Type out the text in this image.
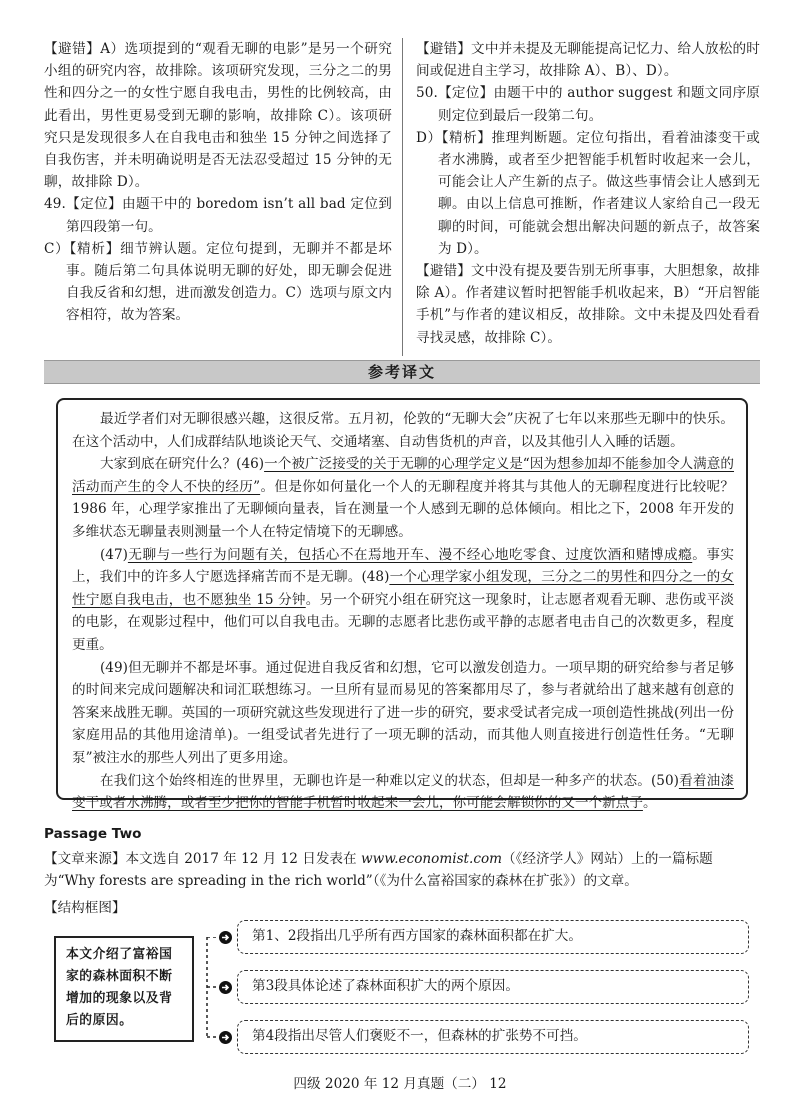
【避错】A）选项提到的“观看无聊的电影”是另一个研究小组的研究内容，故排除。该项研究发现，三分之二的男性和四分之一的女性宁愿自我电击，男性的比例较高，由此看出，男性更易受到无聊的影响，故排除 C）。该项研究只是发现很多人在自我电击和独坐 15 分钟之间选择了自我伤害，并未明确说明是否无法忍受超过 15 分钟的无聊，故排除 D）。

49.【定位】由题干中的 boredom isn’t all bad 定位到第四段第一句。

C）【精析】细节辨认题。定位句提到，无聊并不都是坏事。随后第二句具体说明无聊的好处，即无聊会促进自我反省和幻想，进而激发创造力。C）选项与原文内容相符，故为答案。

【避错】文中并未提及无聊能提高记忆力、给人放松的时间或促进自主学习，故排除 A）、B）、D）。

50.【定位】由题干中的 author suggest 和题文同序原则定位到最后一段第二句。

D）【精析】推理判断题。定位句指出，看着油漆变干或者水沸腾，或者至少把智能手机暂时收起来一会儿，可能会让人产生新的点子。做这些事情会让人感到无聊。由以上信息可推断，作者建议人家给自己一段无聊的时间，可能就会想出解决问题的新点子，故答案为 D）。

【避错】文中没有提及要告别无所事事，大胆想象，故排除 A）。作者建议暂时把智能手机收起来，B）“开启智能手机”与作者的建议相反，故排除。文中未提及四处看看寻找灵感，故排除 C）。

参考译文

最近学者们对无聊很感兴趣，这很反常。五月初，伦敦的“无聊大会”庆祝了七年以来那些无聊中的快乐。在这个活动中，人们成群结队地谈论天气、交通堵塞、自动售货机的声音，以及其他引人入睡的话题。

大家到底在研究什么？(46)一个被广泛接受的关于无聊的心理学定义是“因为想参加却不能参加令人满意的活动而产生的令人不快的经历”。但是你如何量化一个人的无聊程度并将其与其他人的无聊程度进行比较呢？1986 年，心理学家推出了无聊倾向量表，旨在测量一个人感到无聊的总体倾向。相比之下，2008 年开发的多维状态无聊量表则测量一个人在特定情境下的无聊感。

(47)无聊与一些行为问题有关，包括心不在焉地开车、漫不经心地吃零食、过度饮酒和赌博成瘾。事实上，我们中的许多人宁愿选择痛苦而不是无聊。(48)一个心理学家小组发现，三分之二的男性和四分之一的女性宁愿自我电击，也不愿独坐 15 分钟。另一个研究小组在研究这一现象时，让志愿者观看无聊、悲伤或平淡的电影，在观影过程中，他们可以自我电击。无聊的志愿者比悲伤或平静的志愿者电击自己的次数更多，程度更重。

(49)但无聊并不都是坏事。通过促进自我反省和幻想，它可以激发创造力。一项早期的研究给参与者足够的时间来完成问题解决和词汇联想练习。一旦所有显而易见的答案都用尽了，参与者就给出了越来越有创意的答案来战胜无聊。英国的一项研究就这些发现进行了进一步的研究，要求受试者完成一项创造性挑战(列出一份家庭用品的其他用途清单)。一组受试者先进行了一项无聊的活动，而其他人则直接进行创造性任务。“无聊泵”被注水的那些人列出了更多用途。

在我们这个始终相连的世界里，无聊也许是一种难以定义的状态，但却是一种多产的状态。(50)看着油漆变干或者水沸腾，或者至少把你的智能手机暂时收起来一会儿，你可能会解锁你的又一个新点子。

Passage Two

【文章来源】本文选自 2017 年 12 月 12 日发表在 www.economist.com（《经济学人》网站）上的一篇标题为“Why forests are spreading in the rich world”（《为什么富裕国家的森林在扩张》）的文章。

【结构框图】
本文介绍了富裕国家的森林面积不断增加的现象以及背后的原因。
第1、2段指出几乎所有西方国家的森林面积都在扩大。
第3段具体论述了森林面积扩大的两个原因。
第4段指出尽管人们褒贬不一，但森林的扩张势不可挡。
四级 2020 年 12 月真题（二） 12
